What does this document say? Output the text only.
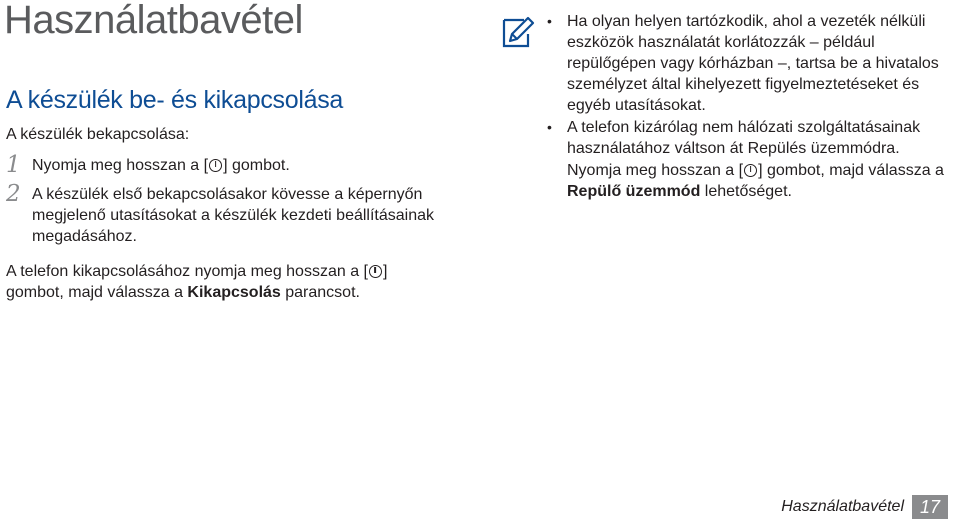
Használatbavétel
A készülék be- és kikapcsolása

A készülék bekapcsolása:

1 Nyomja meg hosszan a [ ] gombot.
2 A készülék első bekapcsolásakor kövesse a képernyőn megjelenő utasításokat a készülék kezdeti beállításainak megadásához.

A telefon kikapcsolásához nyomja meg hosszan a [ ] gombot, majd válassza a Kikapcsolás parancsot.

• Ha olyan helyen tartózkodik, ahol a vezeték nélküli eszközök használatát korlátozzák – például repülőgépen vagy kórházban –, tartsa be a hivatalos személyzet által kihelyezett figyelmeztetéseket és egyéb utasításokat.
• A telefon kizárólag nem hálózati szolgáltatásainak használatához váltson át Repülés üzemmódra.
Nyomja meg hosszan a [ ] gombot, majd válassza a Repülő üzemmód lehetőséget.
Használatbavétel 17
